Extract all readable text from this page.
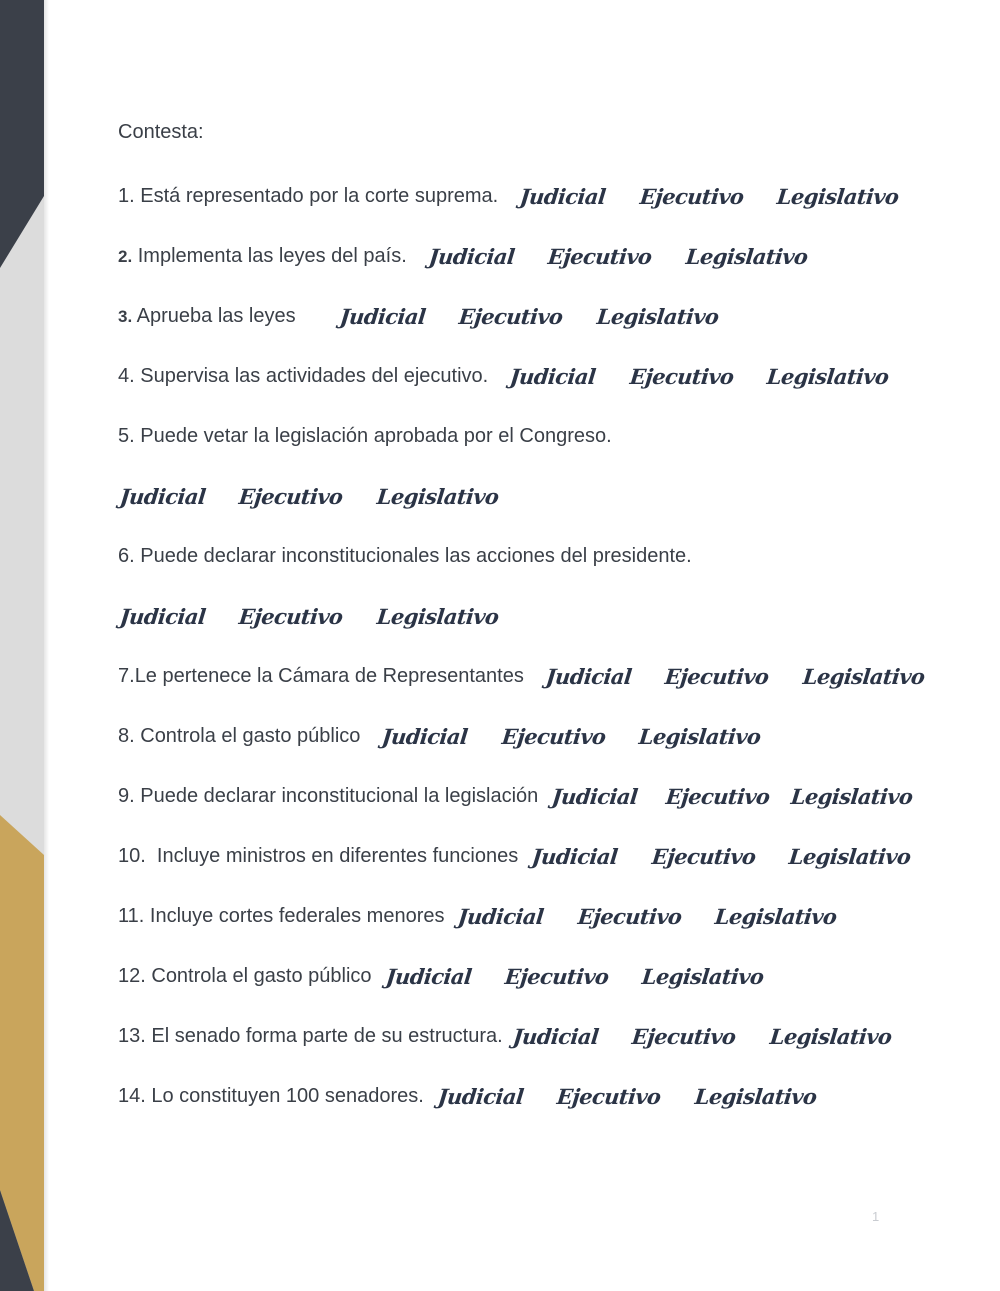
Contesta:
1. Está representado por la corte suprema. Judicial Ejecutivo Legislativo
2. Implementa las leyes del país. Judicial Ejecutivo Legislativo
3. Aprueba las leyes Judicial Ejecutivo Legislativo
4. Supervisa las actividades del ejecutivo. Judicial Ejecutivo Legislativo
5. Puede vetar la legislación aprobada por el Congreso.
Judicial Ejecutivo Legislativo
6. Puede declarar inconstitucionales las acciones del presidente.
Judicial Ejecutivo Legislativo
7.Le pertenece la Cámara de Representantes Judicial Ejecutivo Legislativo
8. Controla el gasto público Judicial Ejecutivo Legislativo
9. Puede declarar inconstitucional la legislación Judicial Ejecutivo Legislativo
10.  Incluye ministros en diferentes funciones Judicial Ejecutivo Legislativo
11. Incluye cortes federales menores Judicial Ejecutivo Legislativo
12. Controla el gasto público Judicial Ejecutivo Legislativo
13. El senado forma parte de su estructura. Judicial Ejecutivo Legislativo
14. Lo constituyen 100 senadores. Judicial Ejecutivo Legislativo
1
